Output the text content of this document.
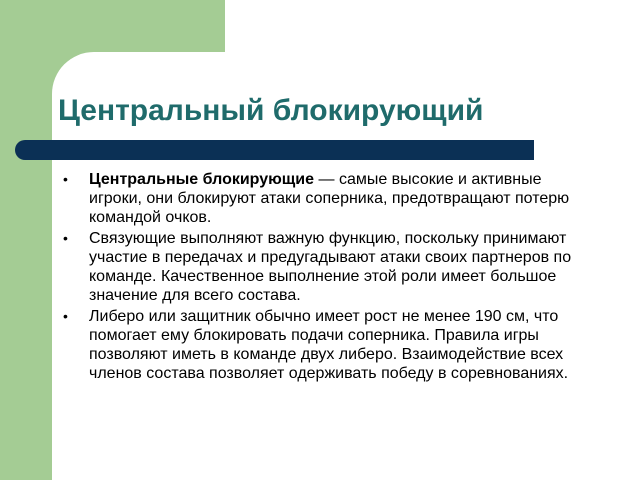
Центральный блокирующий
• Центральные блокирующие — самые высокие и активные игроки, они блокируют атаки соперника, предотвращают потерю командой очков.
• Связующие выполняют важную функцию, поскольку принимают участие в передачах и предугадывают атаки своих партнеров по команде. Качественное выполнение этой роли имеет большое значение для всего состава.
• Либеро или защитник обычно имеет рост не менее 190 см, что помогает ему блокировать подачи соперника. Правила игры позволяют иметь в команде двух либеро. Взаимодействие всех членов состава позволяет одерживать победу в соревнованиях.
